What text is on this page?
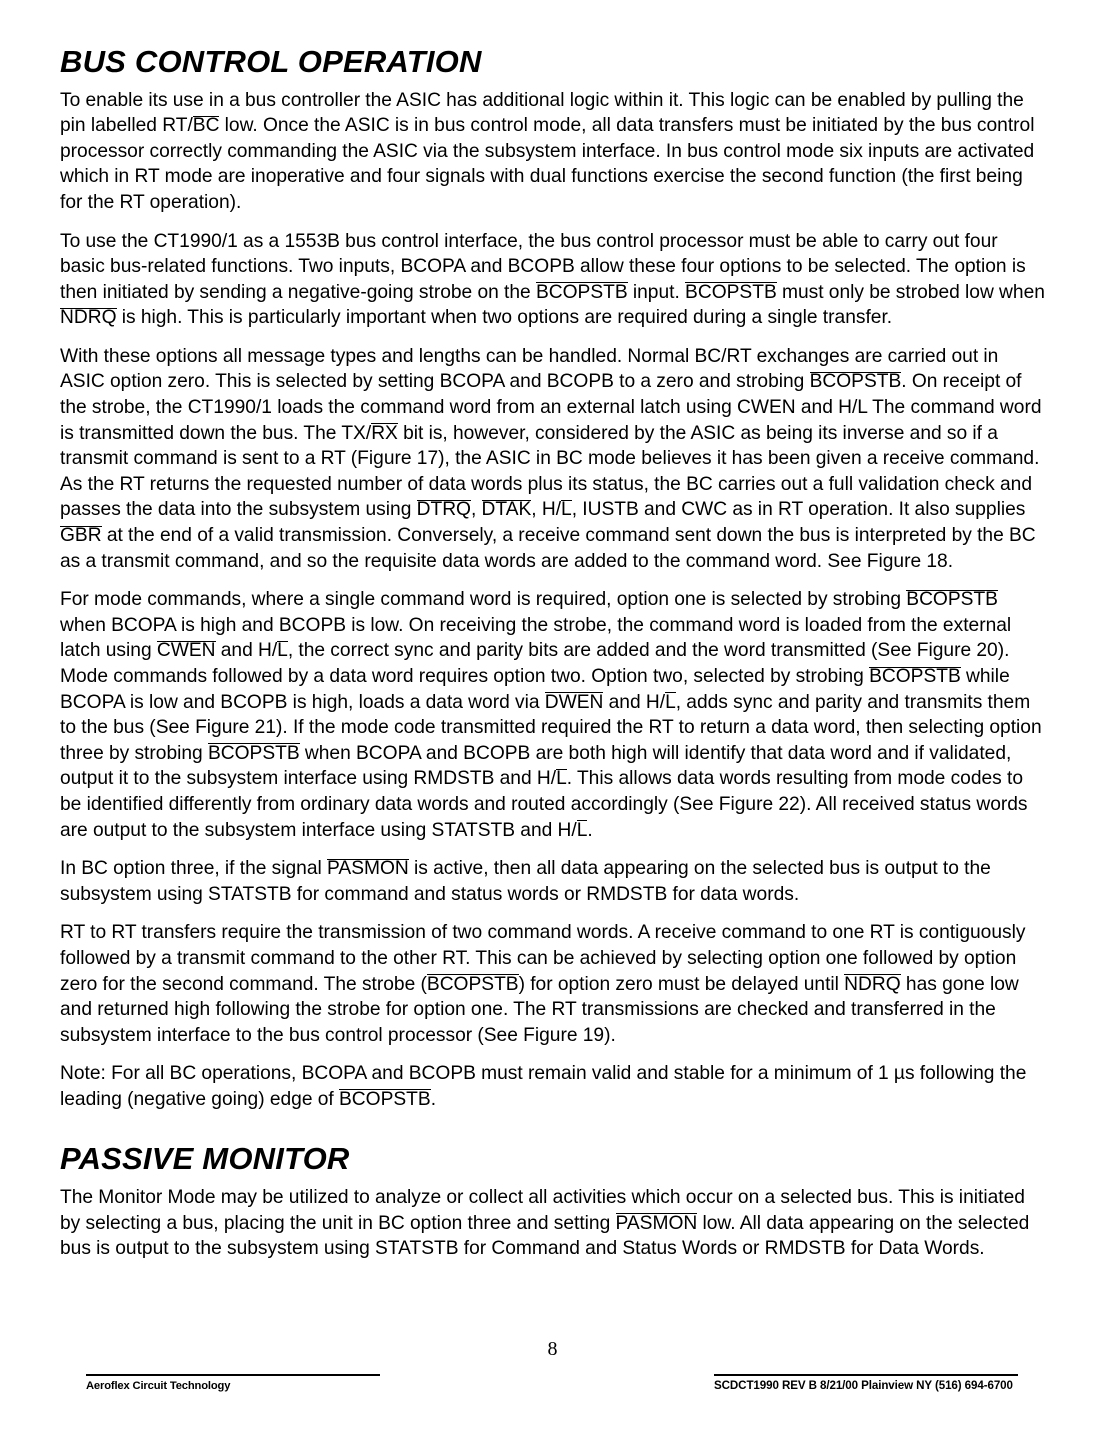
BUS CONTROL OPERATION

To enable its use in a bus controller the ASIC has additional logic within it. This logic can be enabled by pulling the pin labelled RT/BC low. Once the ASIC is in bus control mode, all data transfers must be initiated by the bus control processor correctly commanding the ASIC via the subsystem interface. In bus control mode six inputs are activated which in RT mode are inoperative and four signals with dual functions exercise the second function (the first being for the RT operation).

To use the CT1990/1 as a 1553B bus control interface, the bus control processor must be able to carry out four basic bus-related functions. Two inputs, BCOPA and BCOPB allow these four options to be selected. The option is then initiated by sending a negative-going strobe on the BCOPSTB input. BCOPSTB must only be strobed low when NDRQ is high. This is particularly important when two options are required during a single transfer.

With these options all message types and lengths can be handled. Normal BC/RT exchanges are carried out in ASIC option zero. This is selected by setting BCOPA and BCOPB to a zero and strobing BCOPSTB. On receipt of the strobe, the CT1990/1 loads the command word from an external latch using CWEN and H/L The command word is transmitted down the bus. The TX/RX bit is, however, considered by the ASIC as being its inverse and so if a transmit command is sent to a RT (Figure 17), the ASIC in BC mode believes it has been given a receive command. As the RT returns the requested number of data words plus its status, the BC carries out a full validation check and passes the data into the subsystem using DTRQ, DTAK, H/L, IUSTB and CWC as in RT operation. It also supplies GBR at the end of a valid transmission. Conversely, a receive command sent down the bus is interpreted by the BC as a transmit command, and so the requisite data words are added to the command word. See Figure 18.

For mode commands, where a single command word is required, option one is selected by strobing BCOPSTB when BCOPA is high and BCOPB is low. On receiving the strobe, the command word is loaded from the external latch using CWEN and H/L, the correct sync and parity bits are added and the word transmitted (See Figure 20). Mode commands followed by a data word requires option two. Option two, selected by strobing BCOPSTB while BCOPA is low and BCOPB is high, loads a data word via DWEN and H/L, adds sync and parity and transmits them to the bus (See Figure 21). If the mode code transmitted required the RT to return a data word, then selecting option three by strobing BCOPSTB when BCOPA and BCOPB are both high will identify that data word and if validated, output it to the subsystem interface using RMDSTB and H/L. This allows data words resulting from mode codes to be identified differently from ordinary data words and routed accordingly (See Figure 22). All received status words are output to the subsystem interface using STATSTB and H/L.

In BC option three, if the signal PASMON is active, then all data appearing on the selected bus is output to the subsystem using STATSTB for command and status words or RMDSTB for data words.

RT to RT transfers require the transmission of two command words. A receive command to one RT is contiguously followed by a transmit command to the other RT. This can be achieved by selecting option one followed by option zero for the second command. The strobe (BCOPSTB) for option zero must be delayed until NDRQ has gone low and returned high following the strobe for option one. The RT transmissions are checked and transferred in the subsystem interface to the bus control processor (See Figure 19).

Note: For all BC operations, BCOPA and BCOPB must remain valid and stable for a minimum of 1 µs following the leading (negative going) edge of BCOPSTB.

PASSIVE MONITOR

The Monitor Mode may be utilized to analyze or collect all activities which occur on a selected bus. This is initiated by selecting a bus, placing the unit in BC option three and setting PASMON low. All data appearing on the selected bus is output to the subsystem using STATSTB for Command and Status Words or RMDSTB for Data Words.

8
Aeroflex Circuit Technology	SCDCT1990 REV B 8/21/00 Plainview NY (516) 694-6700
